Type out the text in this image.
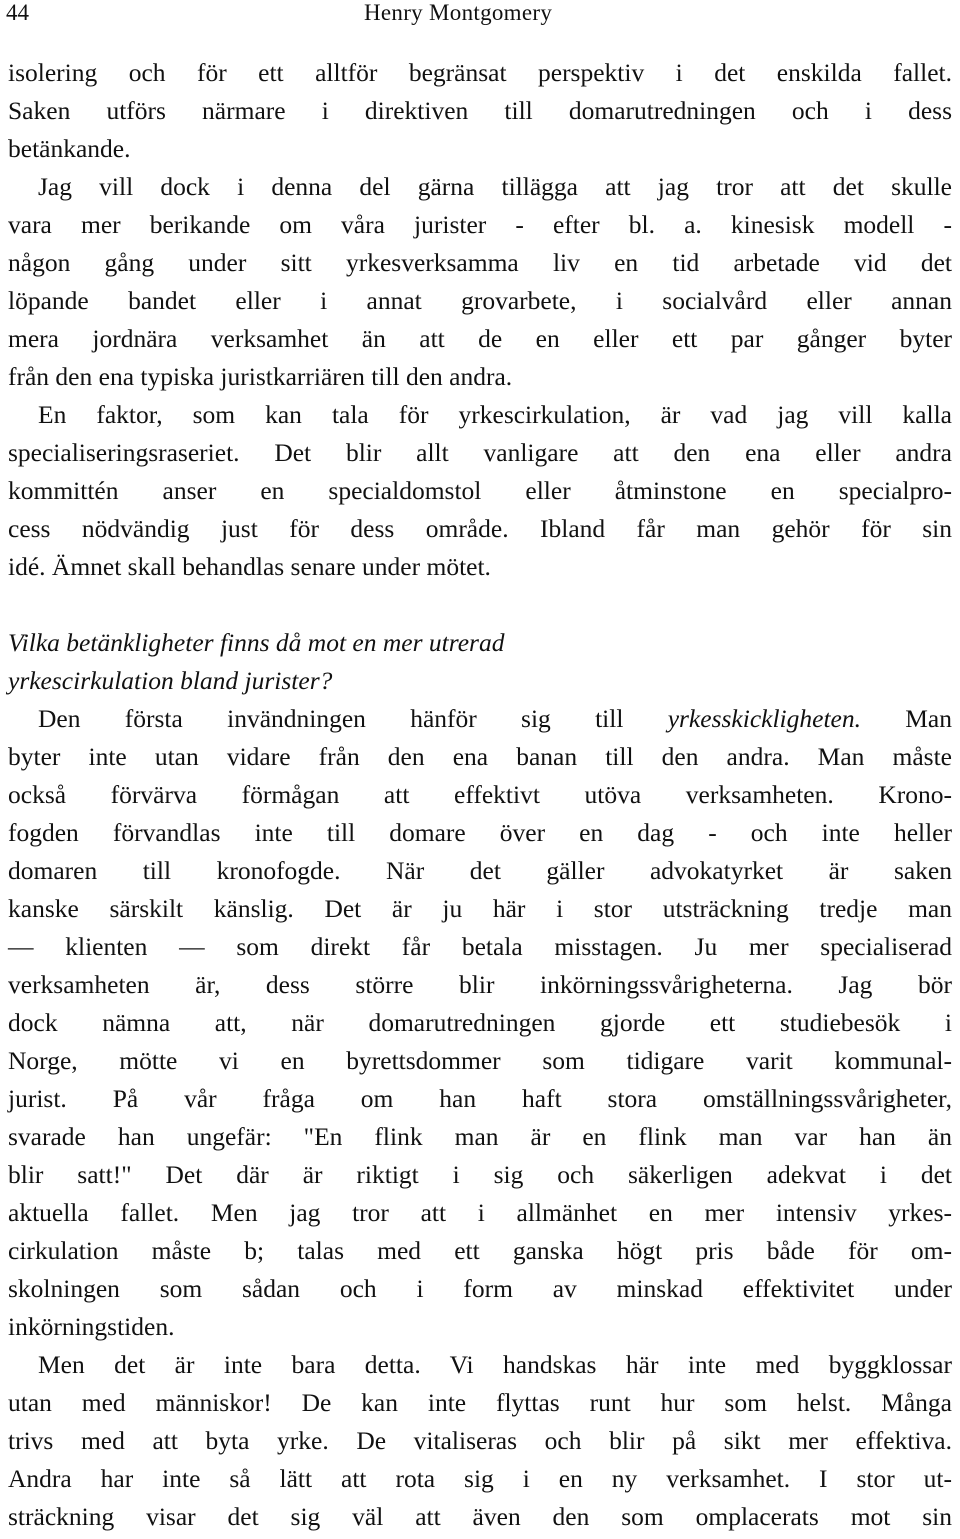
44	Henry Montgomery
isolering och för ett alltför begränsat perspektiv i det enskilda fallet.
Saken utförs närmare i direktiven till domarutredningen och i dess
betänkande.
Jag vill dock i denna del gärna tillägga att jag tror att det skulle
vara mer berikande om våra jurister - efter bl. a. kinesisk modell -
någon gång under sitt yrkesverksamma liv en tid arbetade vid det
löpande bandet eller i annat grovarbete, i socialvård eller annan
mera jordnära verksamhet än att de en eller ett par gånger byter
från den ena typiska juristkarriären till den andra.
En faktor, som kan tala för yrkescirkulation, är vad jag vill kalla
specialiseringsraseriet. Det blir allt vanligare att den ena eller andra
kommittén anser en specialdomstol eller åtminstone en specialpro-
cess nödvändig just för dess område. Ibland får man gehör för sin
idé. Ämnet skall behandlas senare under mötet.
Vilka betänkligheter finns då mot en mer utrerad
yrkescirkulation bland jurister?
Den första invändningen hänför sig till yrkesskickligheten. Man
byter inte utan vidare från den ena banan till den andra. Man måste
också förvärva förmågan att effektivt utöva verksamheten. Krono-
fogden förvandlas inte till domare över en dag - och inte heller
domaren till kronofogde. När det gäller advokatyrket är saken
kanske särskilt känslig. Det är ju här i stor utsträckning tredje man
— klienten — som direkt får betala misstagen. Ju mer specialiserad
verksamheten är, dess större blir inkörningssvårigheterna. Jag bör
dock nämna att, när domarutredningen gjorde ett studiebesök i
Norge, mötte vi en byrettsdommer som tidigare varit kommunal-
jurist. På vår fråga om han haft stora omställningssvårigheter,
svarade han ungefär: "En flink man är en flink man var han än
blir satt!" Det där är riktigt i sig och säkerligen adekvat i det
aktuella fallet. Men jag tror att i allmänhet en mer intensiv yrkes-
cirkulation måste b; talas med ett ganska högt pris både för om-
skolningen som sådan och i form av minskad effektivitet under
inkörningstiden.
Men det är inte bara detta. Vi handskas här inte med byggklossar
utan med människor! De kan inte flyttas runt hur som helst. Många
trivs med att byta yrke. De vitaliseras och blir på sikt mer effektiva.
Andra har inte så lätt att rota sig i en ny verksamhet. I stor ut-
sträckning visar det sig väl att även den som omplacerats mot sin
